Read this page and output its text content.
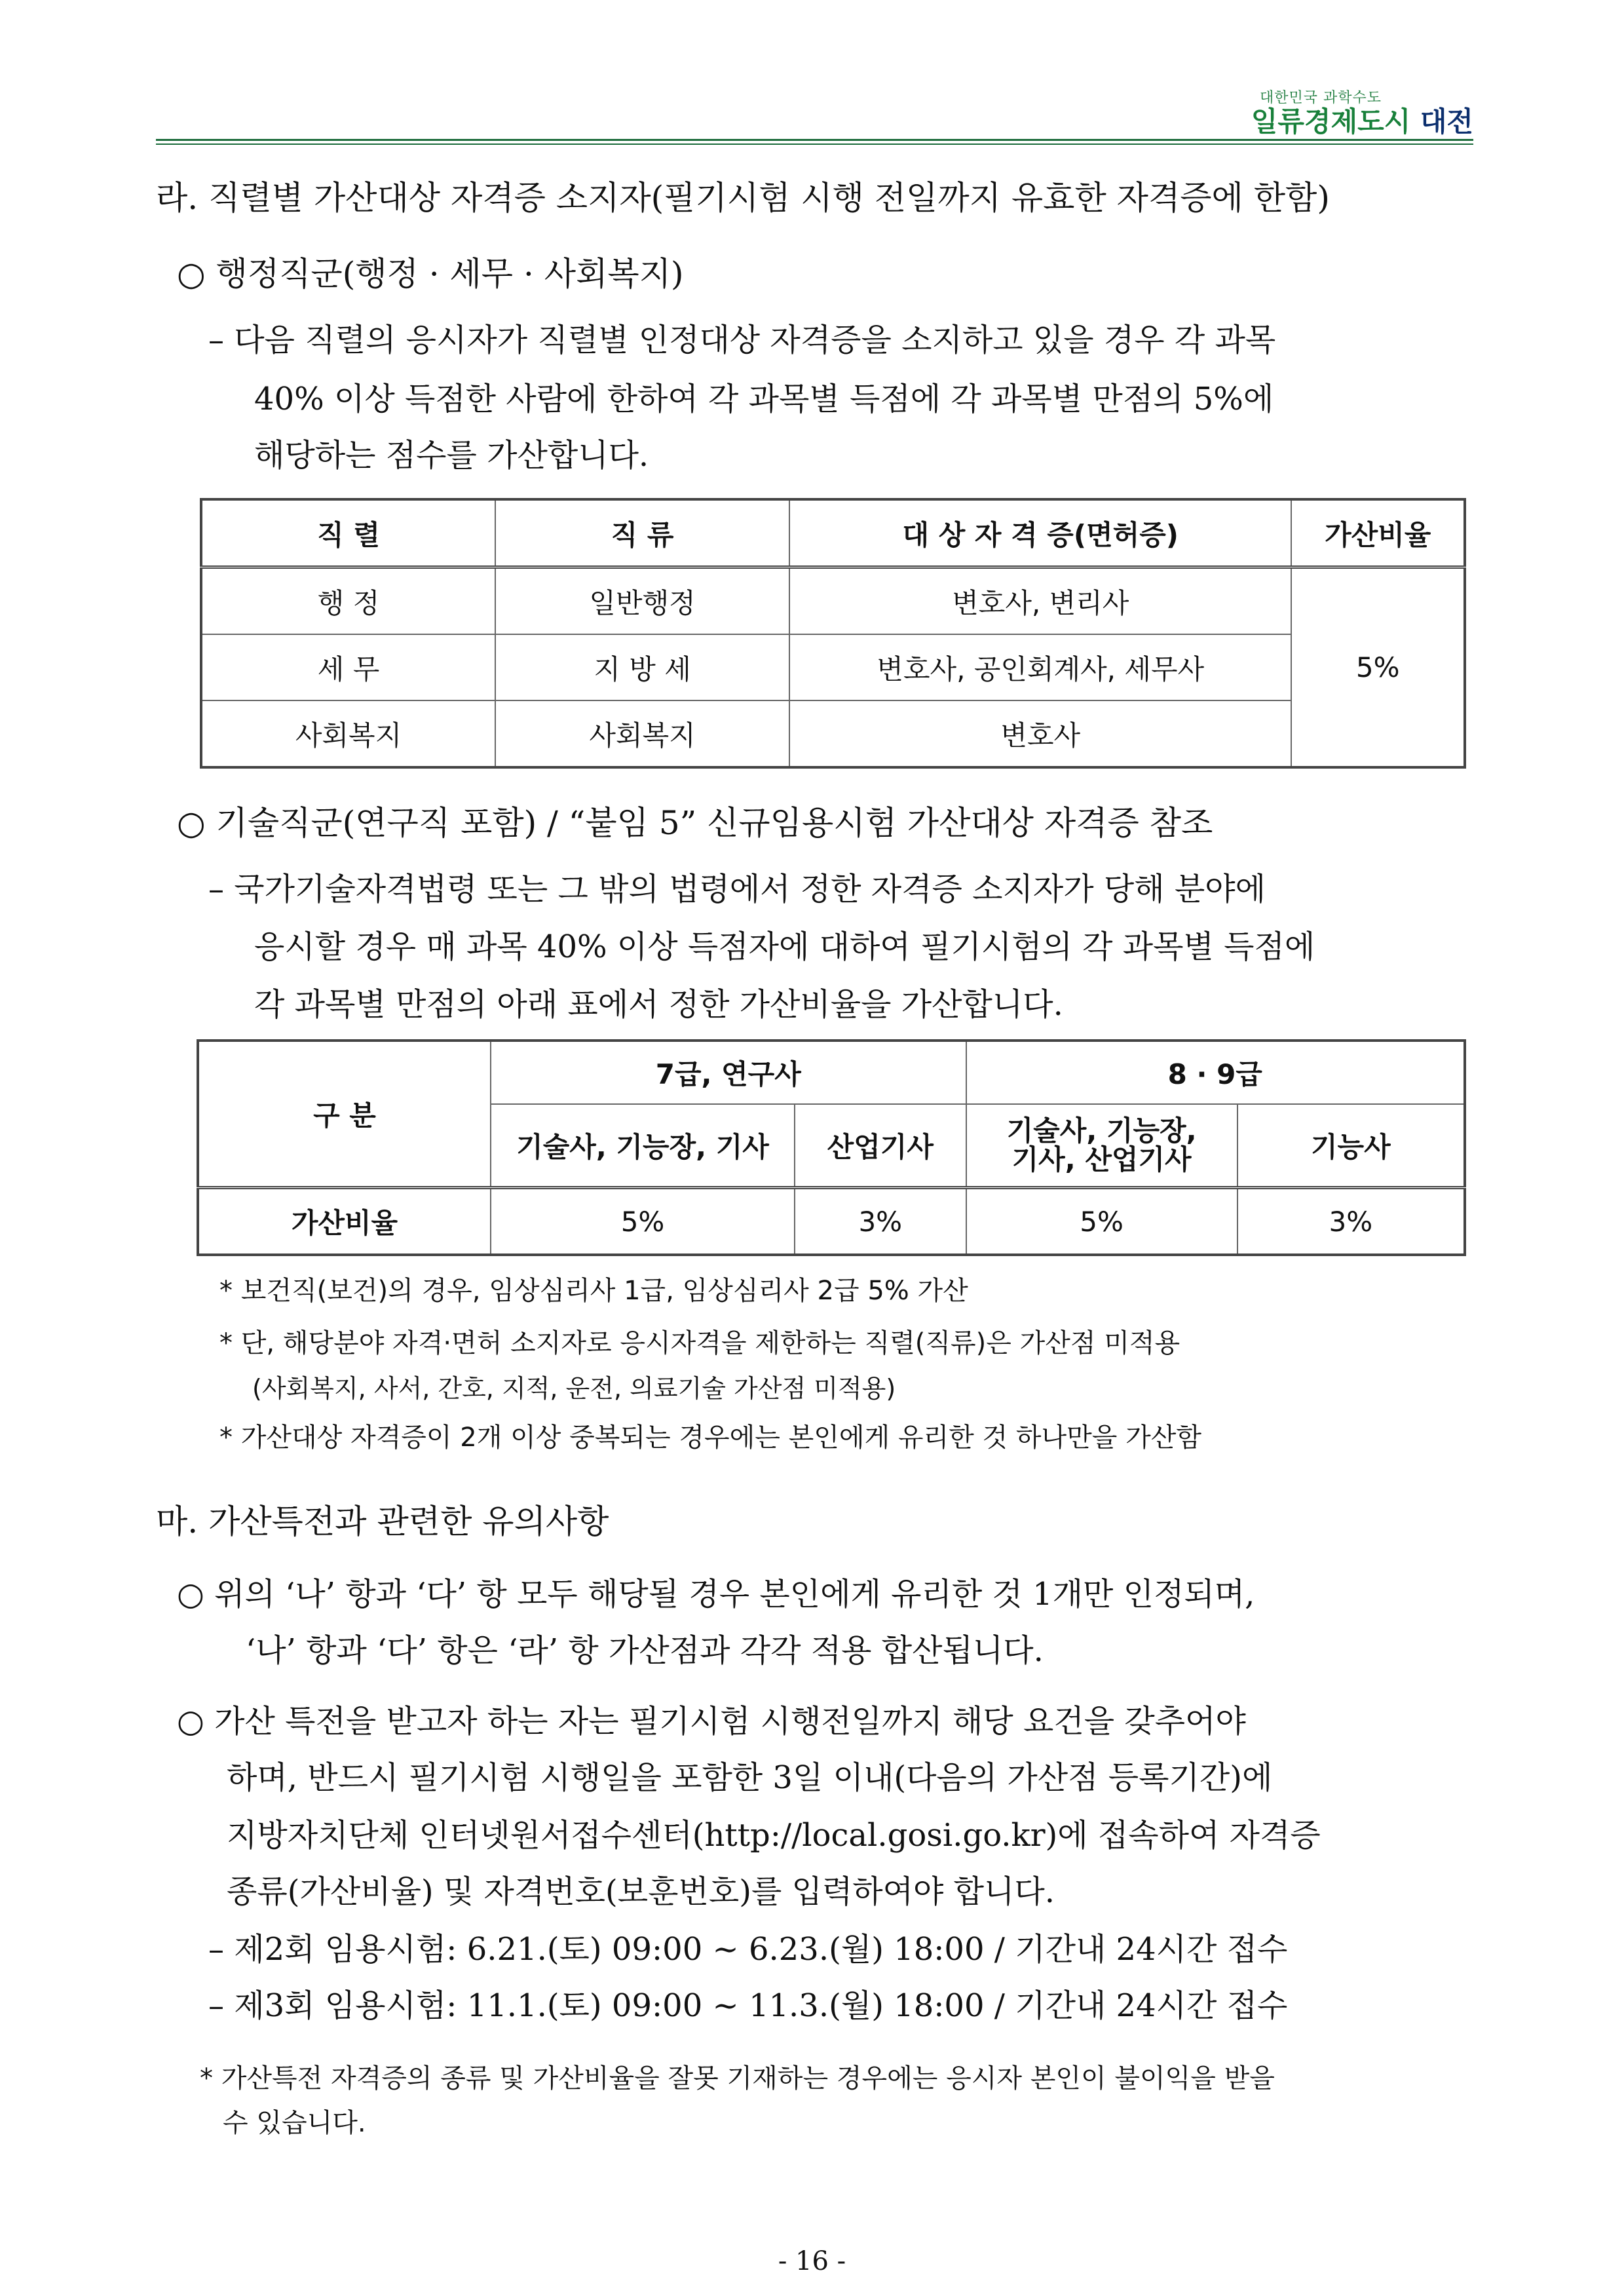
대한민국 과학수도
일류경제도시 대전
라. 직렬별 가산대상 자격증 소지자(필기시험 시행 전일까지 유효한 자격증에 한함)
○ 행정직군(행정 · 세무 · 사회복지)
– 다음 직렬의 응시자가 직렬별 인정대상 자격증을 소지하고 있을 경우 각 과목
40% 이상 득점한 사람에 한하여 각 과목별 득점에 각 과목별 만점의 5%에
해당하는 점수를 가산합니다.
직 렬	직 류	대 상 자 격 증(면허증)	가산비율
행 정	일반행정	변호사, 변리사	5%
세 무	지 방 세	변호사, 공인회계사, 세무사	
사회복지	사회복지	변호사	
○ 기술직군(연구직 포함) / “붙임 5” 신규임용시험 가산대상 자격증 참조
– 국가기술자격법령 또는 그 밖의 법령에서 정한 자격증 소지자가 당해 분야에
응시할 경우 매 과목 40% 이상 득점자에 대하여 필기시험의 각 과목별 득점에
각 과목별 만점의 아래 표에서 정한 가산비율을 가산합니다.
구 분	7급, 연구사		8 · 9급	
	기술사, 기능장, 기사	산업기사	기술사, 기능장,
기사, 산업기사	기능사
가산비율	5%	3%	5%	3%
* 보건직(보건)의 경우, 임상심리사 1급, 임상심리사 2급 5% 가산
* 단, 해당분야 자격·면허 소지자로 응시자격을 제한하는 직렬(직류)은 가산점 미적용
(사회복지, 사서, 간호, 지적, 운전, 의료기술 가산점 미적용)
* 가산대상 자격증이 2개 이상 중복되는 경우에는 본인에게 유리한 것 하나만을 가산함
마. 가산특전과 관련한 유의사항
○ 위의 ‘나’ 항과 ‘다’ 항 모두 해당될 경우 본인에게 유리한 것 1개만 인정되며,
‘나’ 항과 ‘다’ 항은 ‘라’ 항 가산점과 각각 적용 합산됩니다.
○ 가산 특전을 받고자 하는 자는 필기시험 시행전일까지 해당 요건을 갖추어야
하며, 반드시 필기시험 시행일을 포함한 3일 이내(다음의 가산점 등록기간)에
지방자치단체 인터넷원서접수센터(http://local.gosi.go.kr)에 접속하여 자격증
종류(가산비율) 및 자격번호(보훈번호)를 입력하여야 합니다.
– 제2회 임용시험: 6.21.(토) 09:00 ~ 6.23.(월) 18:00 / 기간내 24시간 접수
– 제3회 임용시험: 11.1.(토) 09:00 ~ 11.3.(월) 18:00 / 기간내 24시간 접수
* 가산특전 자격증의 종류 및 가산비율을 잘못 기재하는 경우에는 응시자 본인이 불이익을 받을
수 있습니다.
- 16 -
